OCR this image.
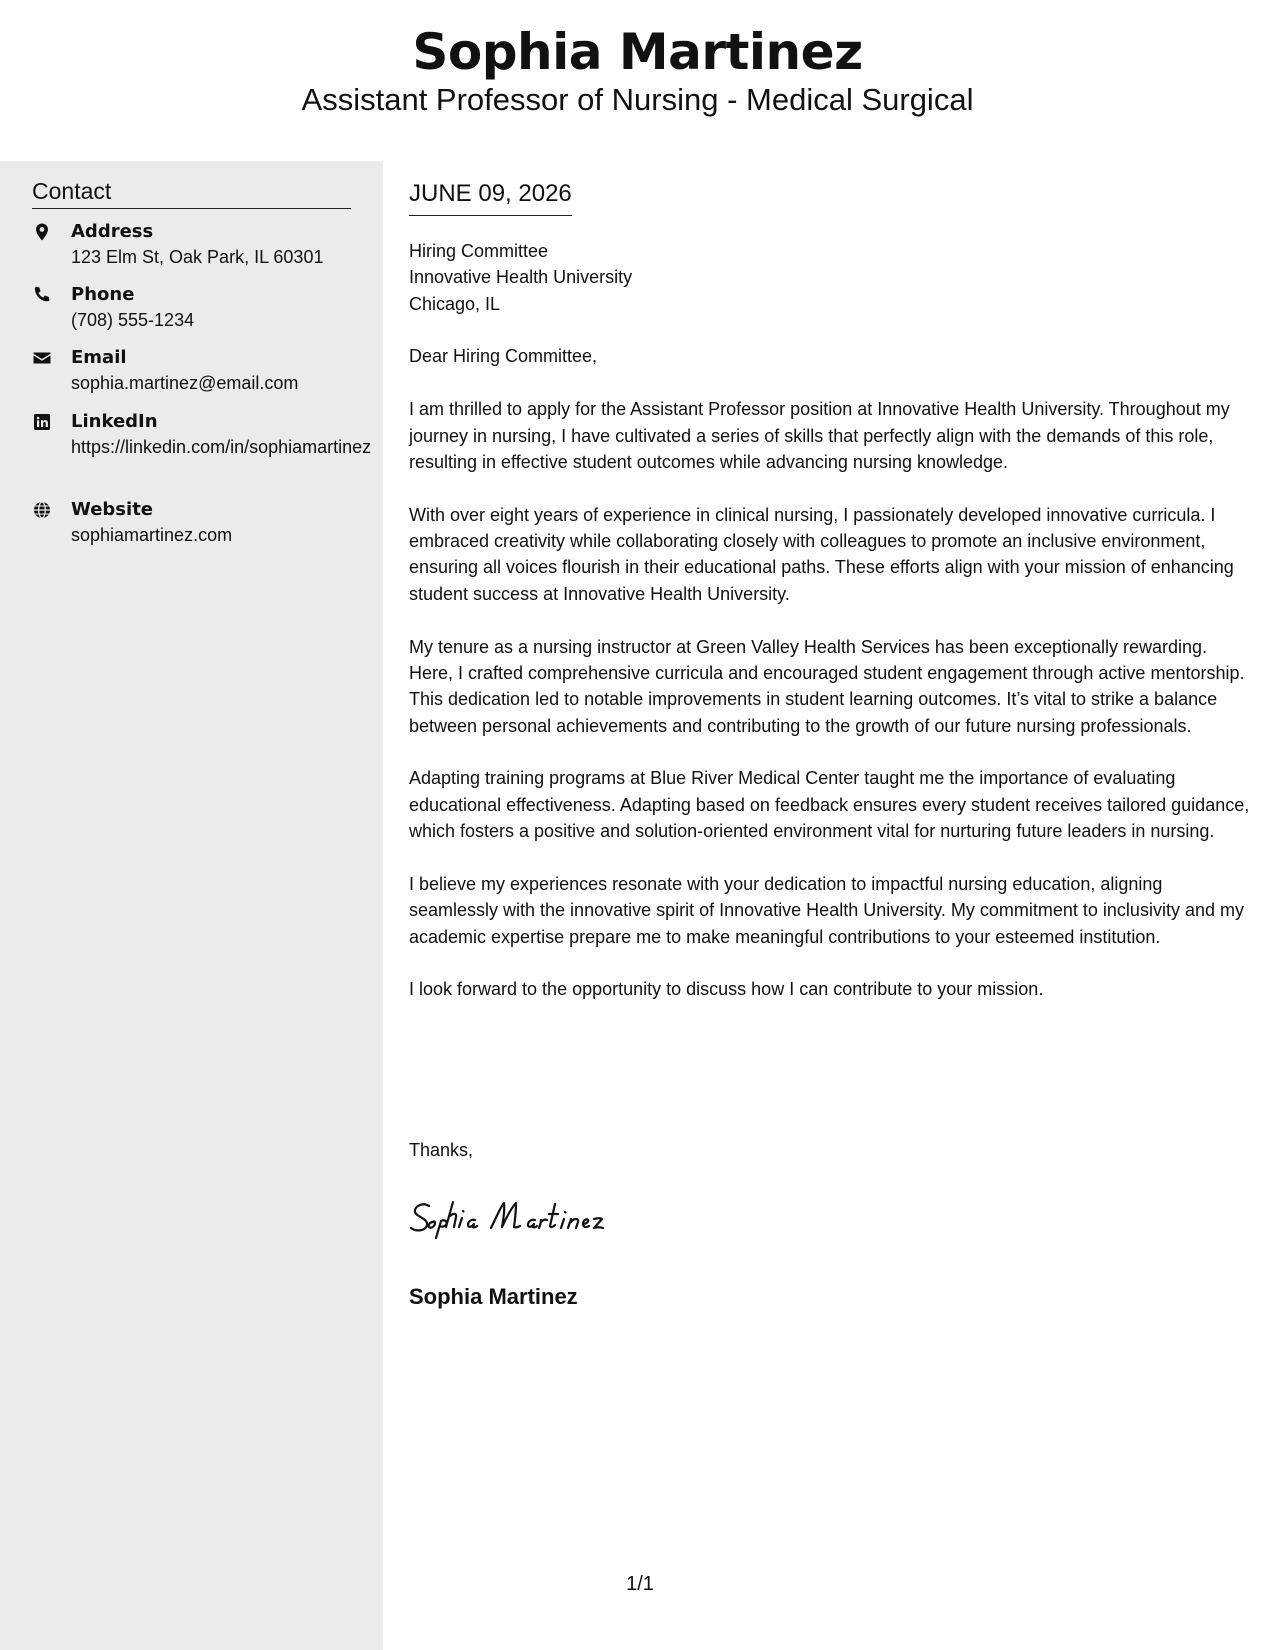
Sophia Martinez
Assistant Professor of Nursing - Medical Surgical
Contact
Address
123 Elm St, Oak Park, IL 60301
Phone
(708) 555-1234
Email
sophia.martinez@email.com
LinkedIn
https://linkedin.com/in/sophiamartinez
Website
sophiamartinez.com
JUNE 09, 2026
Hiring Committee
Innovative Health University
Chicago, IL

Dear Hiring Committee,

I am thrilled to apply for the Assistant Professor position at Innovative Health University. Throughout my journey in nursing, I have cultivated a series of skills that perfectly align with the demands of this role, resulting in effective student outcomes while advancing nursing knowledge.

With over eight years of experience in clinical nursing, I passionately developed innovative curricula. I embraced creativity while collaborating closely with colleagues to promote an inclusive environment, ensuring all voices flourish in their educational paths. These efforts align with your mission of enhancing student success at Innovative Health University.

My tenure as a nursing instructor at Green Valley Health Services has been exceptionally rewarding. Here, I crafted comprehensive curricula and encouraged student engagement through active mentorship. This dedication led to notable improvements in student learning outcomes. It’s vital to strike a balance between personal achievements and contributing to the growth of our future nursing professionals.

Adapting training programs at Blue River Medical Center taught me the importance of evaluating educational effectiveness. Adapting based on feedback ensures every student receives tailored guidance, which fosters a positive and solution-oriented environment vital for nurturing future leaders in nursing.

I believe my experiences resonate with your dedication to impactful nursing education, aligning seamlessly with the innovative spirit of Innovative Health University. My commitment to inclusivity and my academic expertise prepare me to make meaningful contributions to your esteemed institution.

I look forward to the opportunity to discuss how I can contribute to your mission.

Thanks,
Sophia Martinez
1/1
